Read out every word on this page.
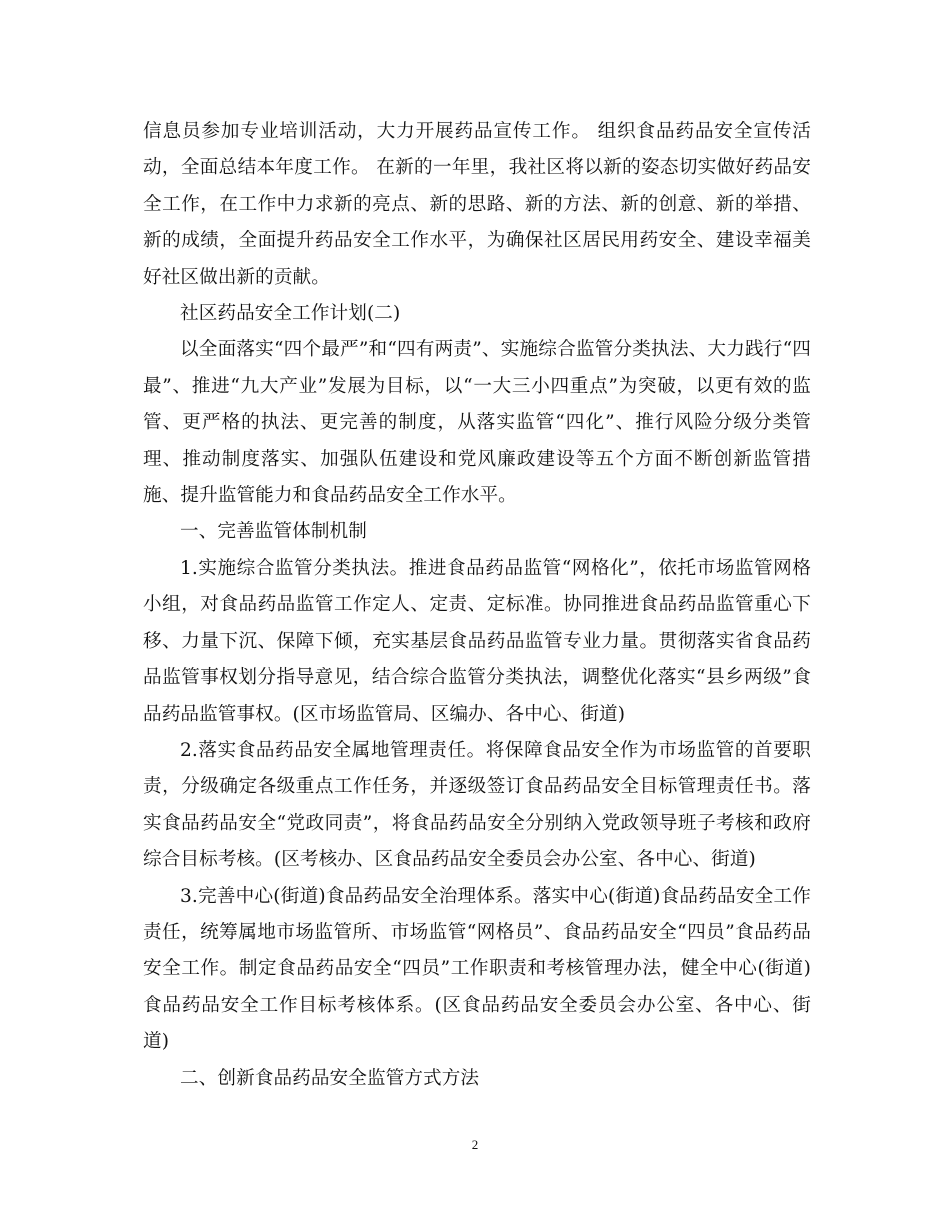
信息员参加专业培训活动，大力开展药品宣传工作。 组织食品药品安全宣传活动，全面总结本年度工作。 在新的一年里，我社区将以新的姿态切实做好药品安全工作，在工作中力求新的亮点、新的思路、新的方法、新的创意、新的举措、新的成绩，全面提升药品安全工作水平，为确保社区居民用药安全、建设幸福美好社区做出新的贡献。

社区药品安全工作计划(二)

以全面落实“四个最严”和“四有两责”、实施综合监管分类执法、大力践行“四最”、推进“九大产业”发展为目标，以“一大三小四重点”为突破，以更有效的监管、更严格的执法、更完善的制度，从落实监管“四化”、推行风险分级分类管理、推动制度落实、加强队伍建设和党风廉政建设等五个方面不断创新监管措施、提升监管能力和食品药品安全工作水平。

一、完善监管体制机制

1.实施综合监管分类执法。推进食品药品监管“网格化”，依托市场监管网格小组，对食品药品监管工作定人、定责、定标准。协同推进食品药品监管重心下移、力量下沉、保障下倾，充实基层食品药品监管专业力量。贯彻落实省食品药品监管事权划分指导意见，结合综合监管分类执法，调整优化落实“县乡两级”食品药品监管事权。(区市场监管局、区编办、各中心、街道)

2.落实食品药品安全属地管理责任。将保障食品安全作为市场监管的首要职责，分级确定各级重点工作任务，并逐级签订食品药品安全目标管理责任书。落实食品药品安全“党政同责”，将食品药品安全分别纳入党政领导班子考核和政府综合目标考核。(区考核办、区食品药品安全委员会办公室、各中心、街道)

3.完善中心(街道)食品药品安全治理体系。落实中心(街道)食品药品安全工作责任，统筹属地市场监管所、市场监管“网格员”、食品药品安全“四员”食品药品安全工作。制定食品药品安全“四员”工作职责和考核管理办法，健全中心(街道)食品药品安全工作目标考核体系。(区食品药品安全委员会办公室、各中心、街道)

二、创新食品药品安全监管方式方法

2
